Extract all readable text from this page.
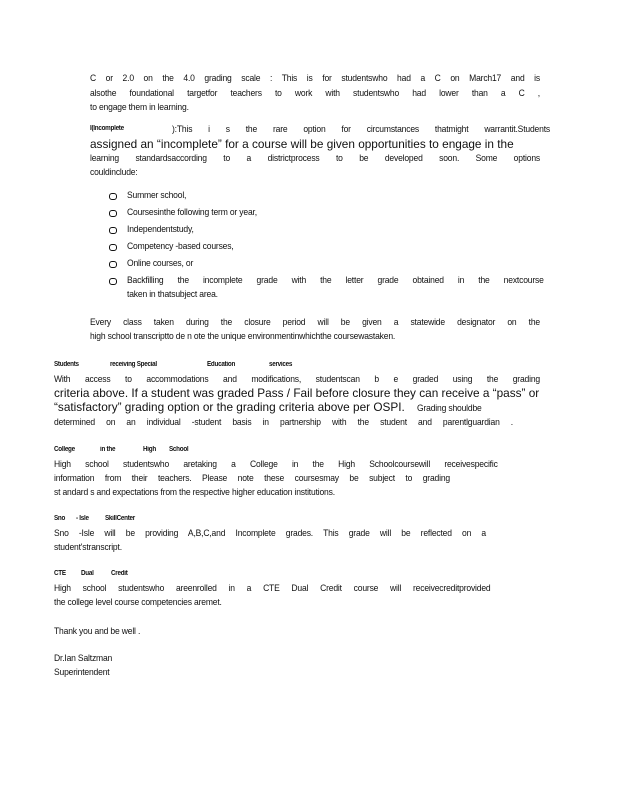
C or 2.0 on the 4.0 grading scale : This is for studentswho had a C on March17 and is
alsothe foundational targetfor teachers to work with studentswho had lower than a C ,
to engage them in learning.
I(Incomplete	):This i s the rare option for circumstances thatmight warrantit.Students
assigned an “incomplete” for a course will be given opportunities to engage in the
learning standardsaccording to a districtprocess to be developed soon. Some options
couldinclude:
Summer school,
Coursesinthe following term or year,
Independentstudy,
Competency -based courses,
Online courses, or
Backfilling the incomplete grade with the letter grade obtained in the nextcourse
taken in thatsubject area.
Every class taken during the closure period will be given a statewide designator on the
high school transcriptto de n ote the unique environmentinwhichthe coursewastaken.
Students	receiving Special	Education	services
With access to accommodations and modifications, studentscan b e graded using the grading
criteria above. If a student was graded Pass / Fail before closure they can receive a “pass” or
“satisfactory” grading option or the grading criteria above per OSPI. Grading shouldbe
determined on an individual -student basis in partnership with the student and parentlguardian .
College	in the	High School
High school studentswho aretaking a College in the High Schoolcoursewill receivespecific
information from their teachers. Please note these coursesmay be subject to grading
st andard s and expectations from the respective higher education institutions.
Sno - Isle SkillCenter
Sno -Isle will be providing A,B,C,and Incomplete grades. This grade will be reflected on a
student'stranscript.
CTE Dual Credit
High school studentswho areenrolled in a CTE Dual Credit course will receivecreditprovided
the college level course competencies aremet.
Thank you and be well .
Dr.Ian Saltzman
Superintendent
